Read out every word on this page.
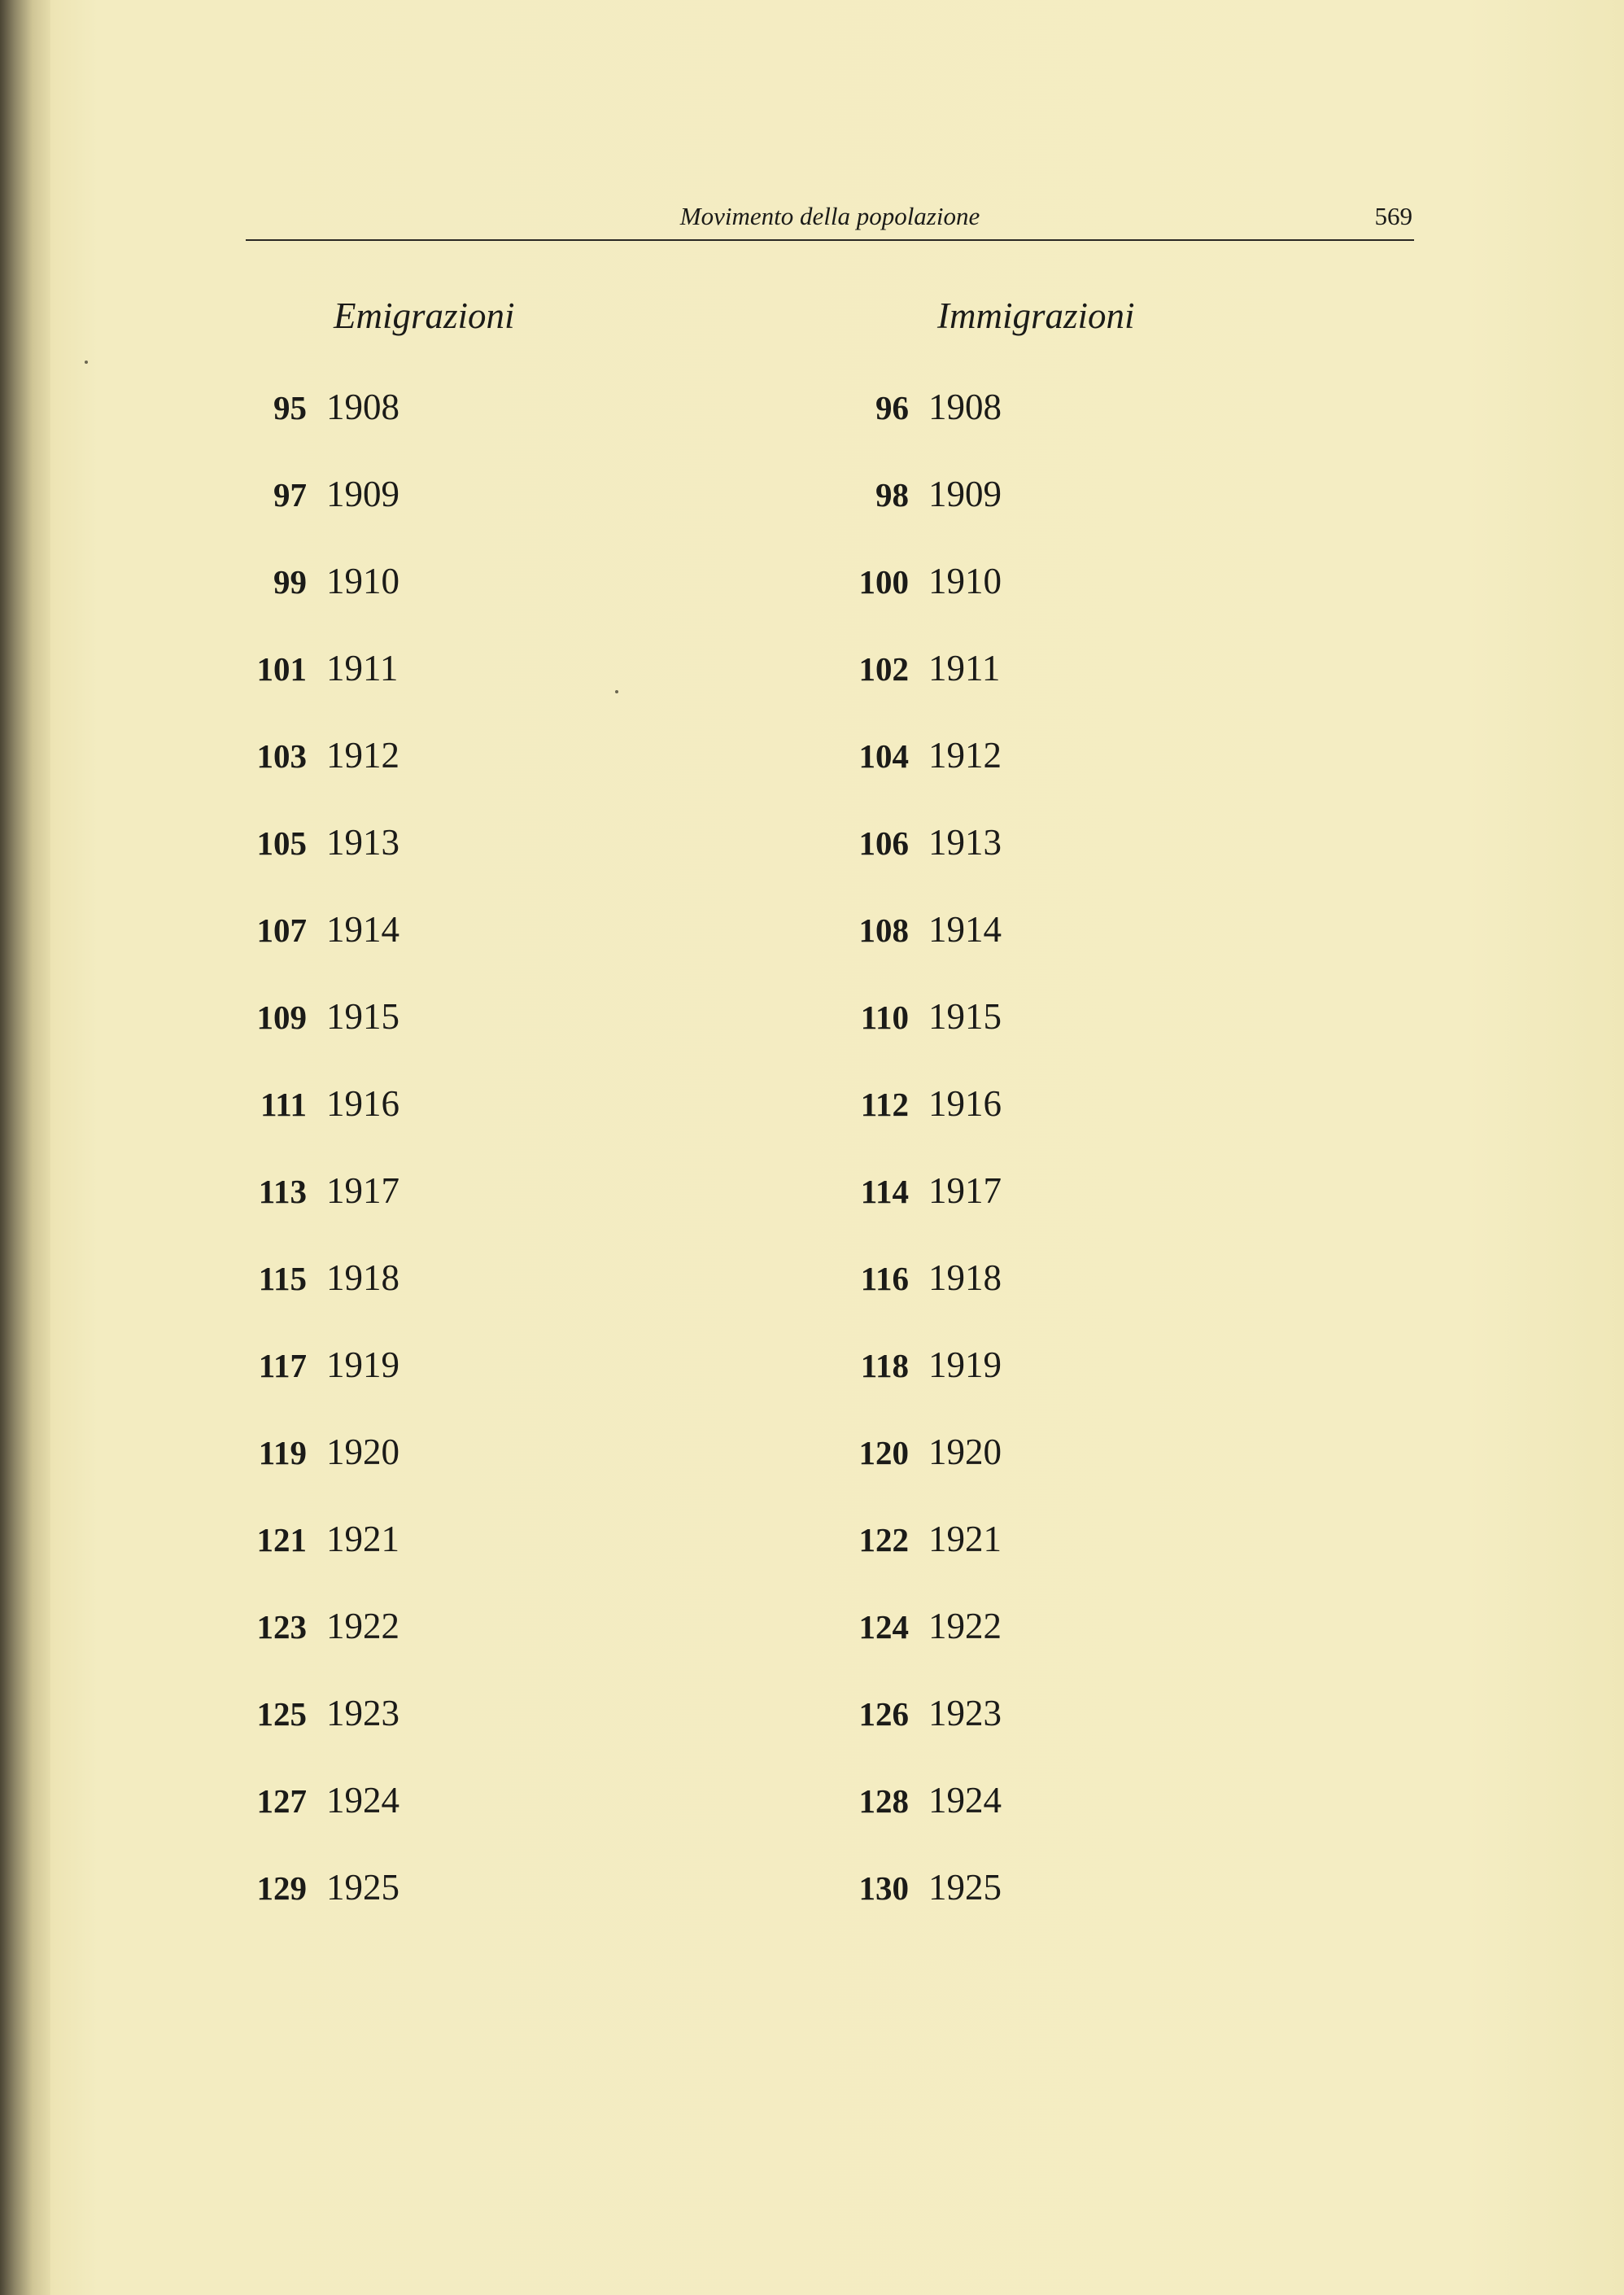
Movimento della popolazione	569
Emigrazioni	Immigrazioni
95 1908
97 1909
99 1910
101 1911
103 1912
105 1913
107 1914
109 1915
111 1916
113 1917
115 1918
117 1919
119 1920
121 1921
123 1922
125 1923
127 1924
129 1925
96 1908
98 1909
100 1910
102 1911
104 1912
106 1913
108 1914
110 1915
112 1916
114 1917
116 1918
118 1919
120 1920
122 1921
124 1922
126 1923
128 1924
130 1925
